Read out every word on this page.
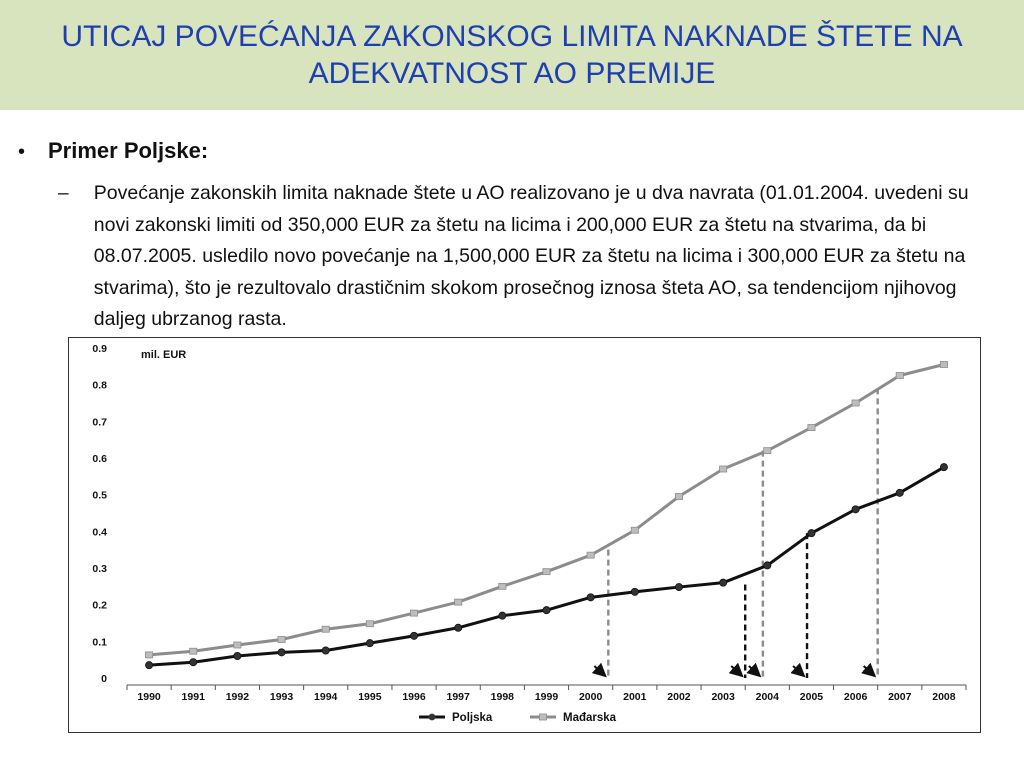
UTICAJ POVEĆANJA ZAKONSKOG LIMITA NAKNADE ŠTETE NA ADEKVATNOST AO PREMIJE
•	Primer Poljske:
–	Povećanje zakonskih limita naknade štete u AO realizovano je u dva navrata (01.01.2004. uvedeni su novi zakonski limiti od 350,000 EUR za štetu na licima i 200,000 EUR za štetu na stvarima, da bi 08.07.2005. usledilo novo povećanje na 1,500,000 EUR za štetu na licima i 300,000 EUR za štetu na stvarima), što je rezultovalo drastičnim skokom prosečnog iznosa šteta AO, sa tendencijom njihovog daljeg ubrzanog rasta.
0
0.1
0.2
0.3
0.4
0.5
0.6
0.7
0.8
0.9
1990 1991 1992 1993 1994 1995 1996 1997 1998 1999 2000 2001 2002 2003 2004 2005 2006 2007 2008
mil. EUR
Poljska	Mađarska
